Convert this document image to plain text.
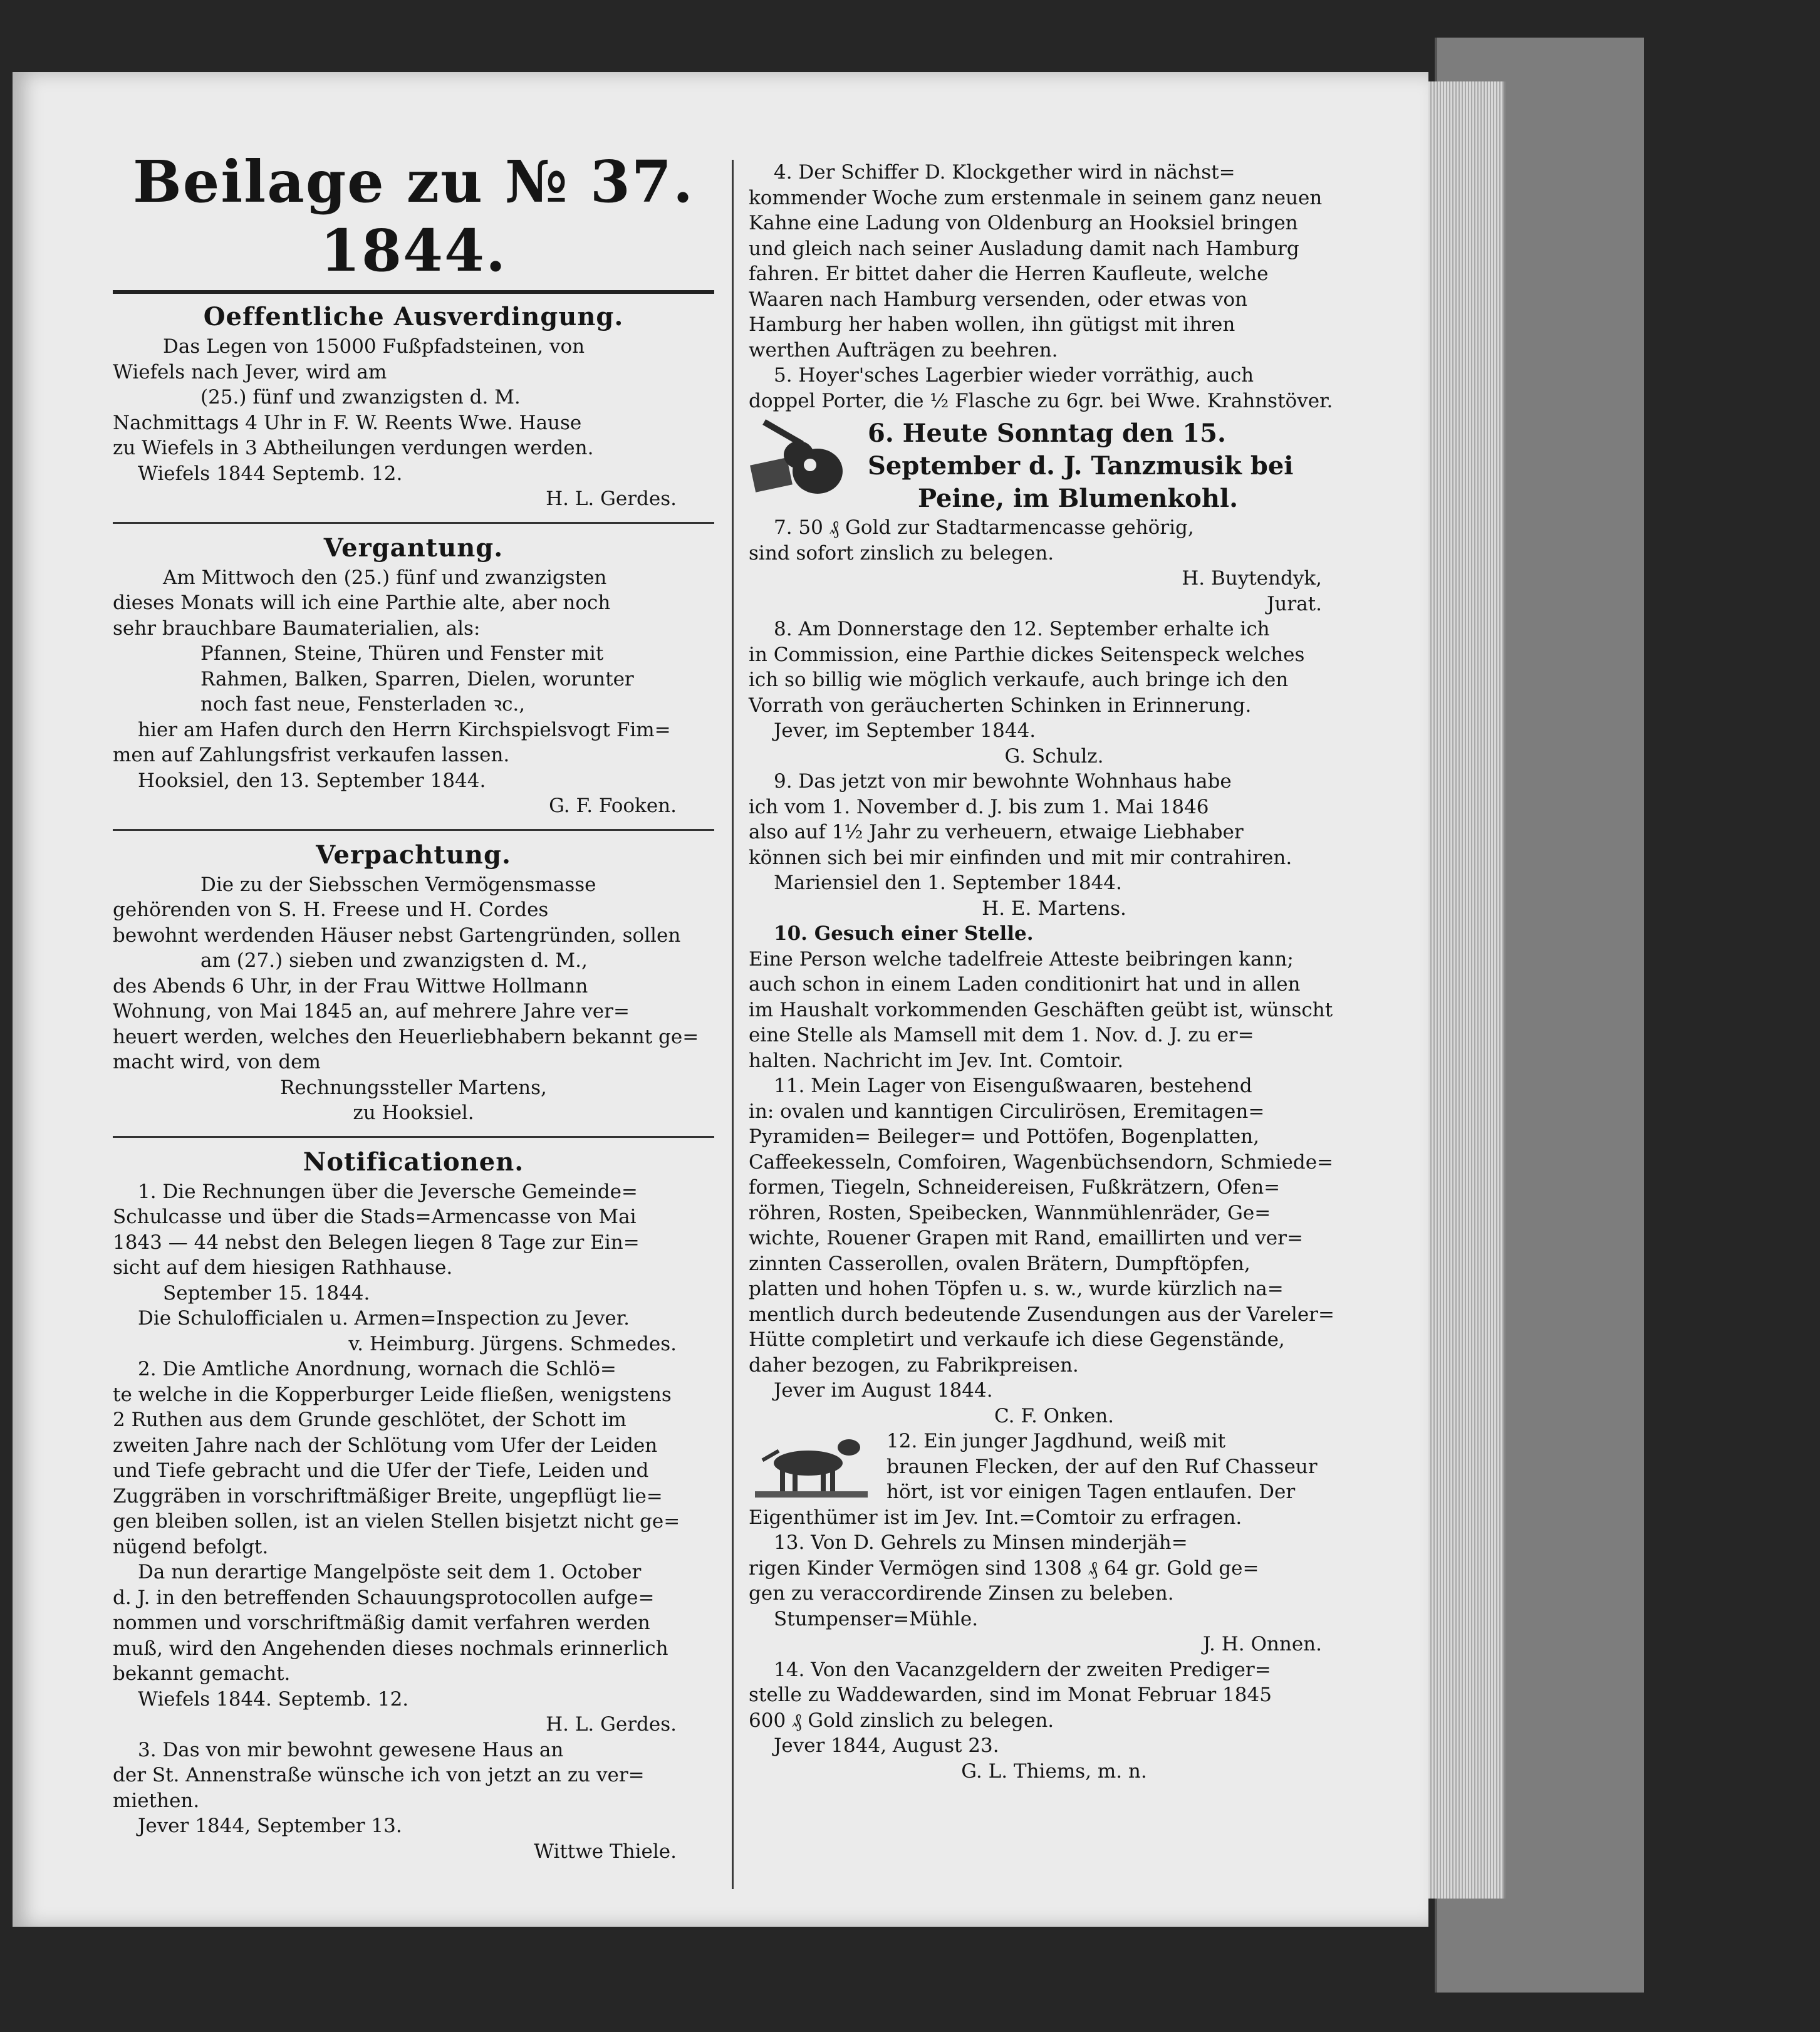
Beilage zu № 37. 1844.
Oeffentliche Ausverdingung.
Das Legen von 15000 Fußpfadsteinen, von
Wiefels nach Jever, wird am
(25.) fünf und zwanzigsten d. M.
Nachmittags 4 Uhr in F. W. Reents Wwe. Hause
zu Wiefels in 3 Abtheilungen verdungen werden.
Wiefels 1844 Septemb. 12.
H. L. Gerdes.
Vergantung.
Am Mittwoch den (25.) fünf und zwanzigsten
dieses Monats will ich eine Parthie alte, aber noch
sehr brauchbare Baumaterialien, als:
Pfannen, Steine, Thüren und Fenster mit
Rahmen, Balken, Sparren, Dielen, worunter
noch fast neue, Fensterladen ꝛc.,
hier am Hafen durch den Herrn Kirchspielsvogt Fim=
men auf Zahlungsfrist verkaufen lassen.
Hooksiel, den 13. September 1844.
G. F. Fooken.
Verpachtung.
Die zu der Siebsschen Vermögensmasse
gehörenden von S. H. Freese und H. Cordes
bewohnt werdenden Häuser nebst Gartengründen, sollen
am (27.) sieben und zwanzigsten d. M.,
des Abends 6 Uhr, in der Frau Wittwe Hollmann
Wohnung, von Mai 1845 an, auf mehrere Jahre ver=
heuert werden, welches den Heuerliebhabern bekannt ge=
macht wird, von dem
Rechnungssteller Martens,
zu Hooksiel.
Notificationen.
1. Die Rechnungen über die Jeversche Gemeinde=
Schulcasse und über die Stads=Armencasse von Mai
1843 — 44 nebst den Belegen liegen 8 Tage zur Ein=
sicht auf dem hiesigen Rathhause.
September 15. 1844.
Die Schulofficialen u. Armen=Inspection zu Jever.
v. Heimburg. Jürgens. Schmedes.
2. Die Amtliche Anordnung, wornach die Schlö=
te welche in die Kopperburger Leide fließen, wenigstens
2 Ruthen aus dem Grunde geschlötet, der Schott im
zweiten Jahre nach der Schlötung vom Ufer der Leiden
und Tiefe gebracht und die Ufer der Tiefe, Leiden und
Zuggräben in vorschriftmäßiger Breite, ungepflügt lie=
gen bleiben sollen, ist an vielen Stellen bisjetzt nicht ge=
nügend befolgt.
Da nun derartige Mangelpöste seit dem 1. October
d. J. in den betreffenden Schauungsprotocollen aufge=
nommen und vorschriftmäßig damit verfahren werden
muß, wird den Angehenden dieses nochmals erinnerlich
bekannt gemacht.
Wiefels 1844. Septemb. 12.
H. L. Gerdes.
3. Das von mir bewohnt gewesene Haus an
der St. Annenstraße wünsche ich von jetzt an zu ver=
miethen.
Jever 1844, September 13.
Wittwe Thiele.
4. Der Schiffer D. Klockgether wird in nächst=
kommender Woche zum erstenmale in seinem ganz neuen
Kahne eine Ladung von Oldenburg an Hooksiel bringen
und gleich nach seiner Ausladung damit nach Hamburg
fahren. Er bittet daher die Herren Kaufleute, welche
Waaren nach Hamburg versenden, oder etwas von
Hamburg her haben wollen, ihn gütigst mit ihren
werthen Aufträgen zu beehren.
5. Hoyer'sches Lagerbier wieder vorräthig, auch
doppel Porter, die ½ Flasche zu 6gr. bei Wwe. Krahnstöver.
6. Heute Sonntag den 15.
September d. J. Tanzmusik bei
Peine, im Blumenkohl.
7. 50 ₰ Gold zur Stadtarmencasse gehörig,
sind sofort zinslich zu belegen.
H. Buytendyk,
Jurat.
8. Am Donnerstage den 12. September erhalte ich
in Commission, eine Parthie dickes Seitenspeck welches
ich so billig wie möglich verkaufe, auch bringe ich den
Vorrath von geräucherten Schinken in Erinnerung.
Jever, im September 1844.
G. Schulz.
9. Das jetzt von mir bewohnte Wohnhaus habe
ich vom 1. November d. J. bis zum 1. Mai 1846
also auf 1½ Jahr zu verheuern, etwaige Liebhaber
können sich bei mir einfinden und mit mir contrahiren.
Mariensiel den 1. September 1844.
H. E. Martens.
10. Gesuch einer Stelle.
Eine Person welche tadelfreie Atteste beibringen kann;
auch schon in einem Laden conditionirt hat und in allen
im Haushalt vorkommenden Geschäften geübt ist, wünscht
eine Stelle als Mamsell mit dem 1. Nov. d. J. zu er=
halten. Nachricht im Jev. Int. Comtoir.
11. Mein Lager von Eisengußwaaren, bestehend
in: ovalen und kanntigen Circulirösen, Eremitagen=
Pyramiden= Beileger= und Pottöfen, Bogenplatten,
Caffeekesseln, Comfoiren, Wagenbüchsendorn, Schmiede=
formen, Tiegeln, Schneidereisen, Fußkrätzern, Ofen=
röhren, Rosten, Speibecken, Wannmühlenräder, Ge=
wichte, Rouener Grapen mit Rand, emaillirten und ver=
zinnten Casserollen, ovalen Brätern, Dumpftöpfen,
platten und hohen Töpfen u. s. w., wurde kürzlich na=
mentlich durch bedeutende Zusendungen aus der Vareler=
Hütte completirt und verkaufe ich diese Gegenstände,
daher bezogen, zu Fabrikpreisen.
Jever im August 1844.
C. F. Onken.
12. Ein junger Jagdhund, weiß mit
braunen Flecken, der auf den Ruf Chasseur
hört, ist vor einigen Tagen entlaufen. Der
Eigenthümer ist im Jev. Int.=Comtoir zu erfragen.
13. Von D. Gehrels zu Minsen minderjäh=
rigen Kinder Vermögen sind 1308 ₰ 64 gr. Gold ge=
gen zu veraccordirende Zinsen zu beleben.
Stumpenser=Mühle.
J. H. Onnen.
14. Von den Vacanzgeldern der zweiten Prediger=
stelle zu Waddewarden, sind im Monat Februar 1845
600 ₰ Gold zinslich zu belegen.
Jever 1844, August 23.
G. L. Thiems, m. n.
